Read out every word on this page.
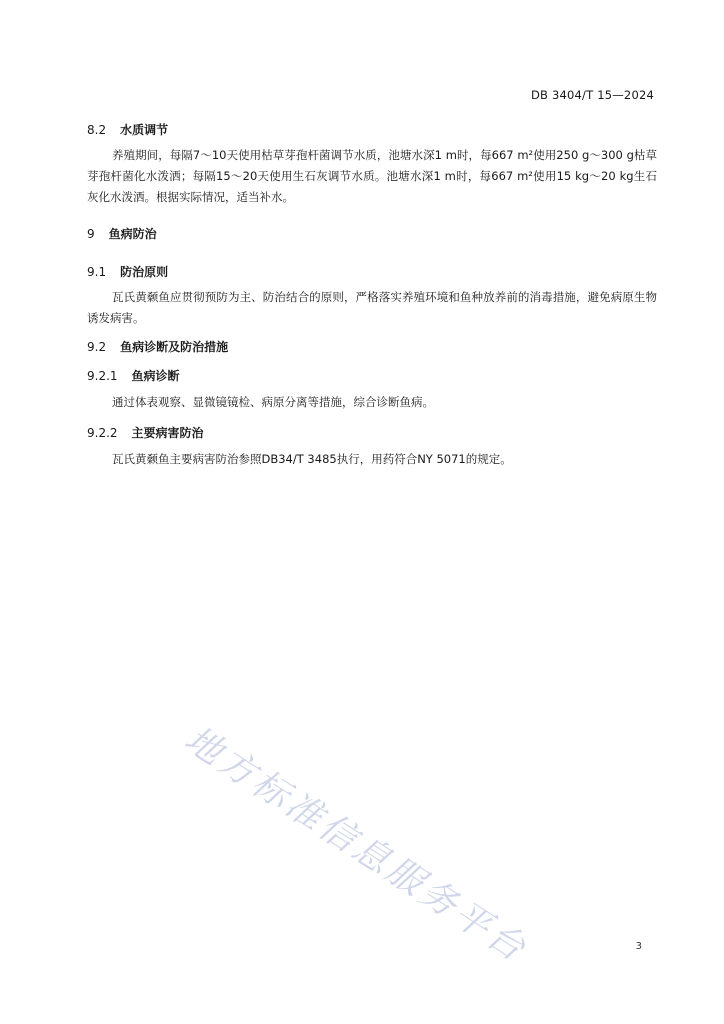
DB 3404/T 15—2024
8.2 水质调节

养殖期间，每隔7～10天使用枯草芽孢杆菌调节水质，池塘水深1 m时，每667 m²使用250 g～300 g枯草芽孢杆菌化水泼洒；每隔15～20天使用生石灰调节水质。池塘水深1 m时，每667 m²使用15 kg～20 kg生石灰化水泼洒。根据实际情况，适当补水。

9 鱼病防治
9.1 防治原则

瓦氏黄颡鱼应贯彻预防为主、防治结合的原则，严格落实养殖环境和鱼种放养前的消毒措施，避免病原生物诱发病害。

9.2 鱼病诊断及防治措施
9.2.1 鱼病诊断

通过体表观察、显微镜镜检、病原分离等措施，综合诊断鱼病。

9.2.2 主要病害防治

瓦氏黄颡鱼主要病害防治参照DB34/T 3485执行，用药符合NY 5071的规定。

地方标准信息服务平台	3
